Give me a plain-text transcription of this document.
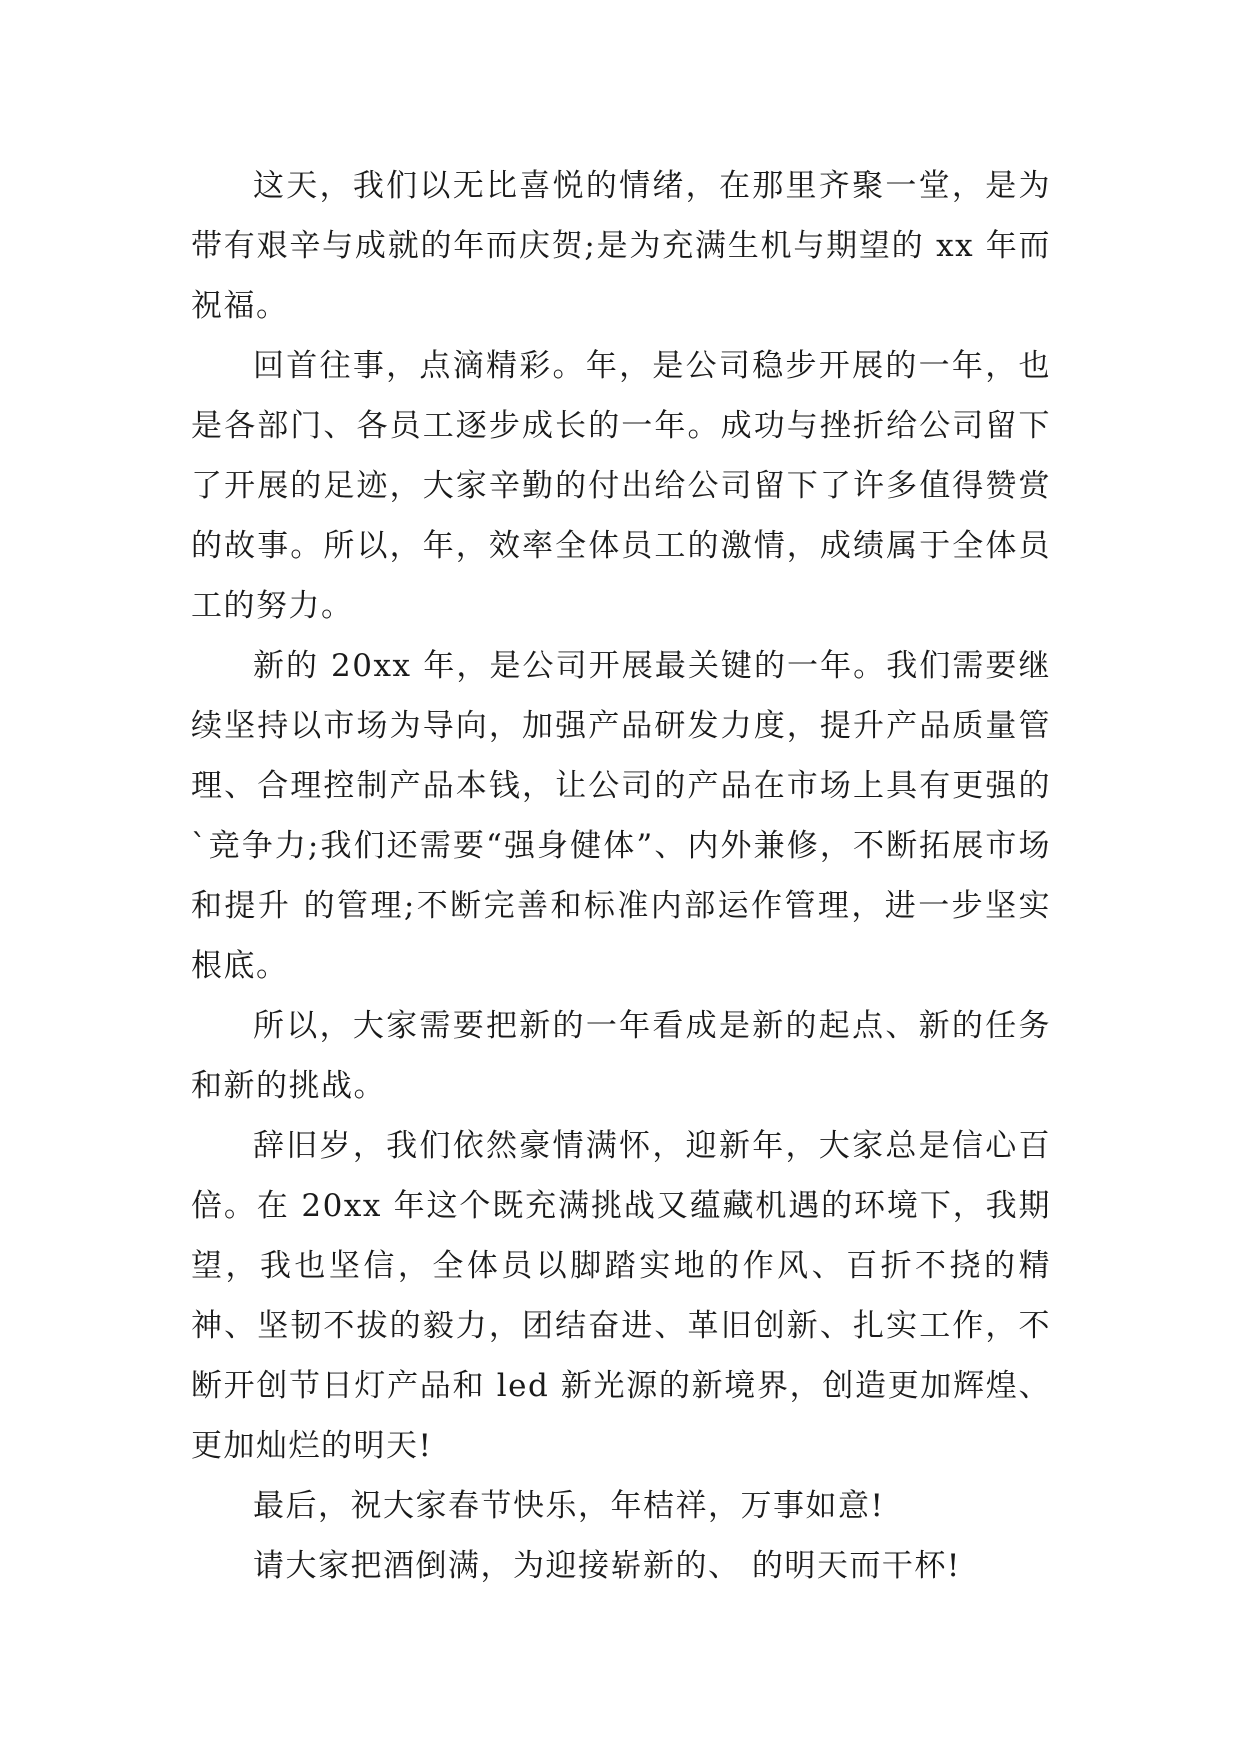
这天，我们以无比喜悦的情绪，在那里齐聚一堂，是为带有艰辛与成就的年而庆贺;是为充满生机与期望的 xx 年而祝福。

回首往事，点滴精彩。年，是公司稳步开展的一年，也是各部门、各员工逐步成长的一年。成功与挫折给公司留下了开展的足迹，大家辛勤的付出给公司留下了许多值得赞赏的故事。所以，年，效率全体员工的激情，成绩属于全体员工的努力。

新的 20xx 年，是公司开展最关键的一年。我们需要继续坚持以市场为导向，加强产品研发力度，提升产品质量管理、合理控制产品本钱，让公司的产品在市场上具有更强的`竞争力;我们还需要“强身健体”、内外兼修，不断拓展市场和提升 的管理;不断完善和标准内部运作管理，进一步坚实根底。

所以，大家需要把新的一年看成是新的起点、新的任务和新的挑战。

辞旧岁，我们依然豪情满怀，迎新年，大家总是信心百倍。在 20xx 年这个既充满挑战又蕴藏机遇的环境下，我期望，我也坚信，全体员以脚踏实地的作风、百折不挠的精神、坚韧不拔的毅力，团结奋进、革旧创新、扎实工作，不断开创节日灯产品和 led 新光源的新境界，创造更加辉煌、更加灿烂的明天!

最后，祝大家春节快乐，年桔祥，万事如意!

请大家把酒倒满，为迎接崭新的、 的明天而干杯!
